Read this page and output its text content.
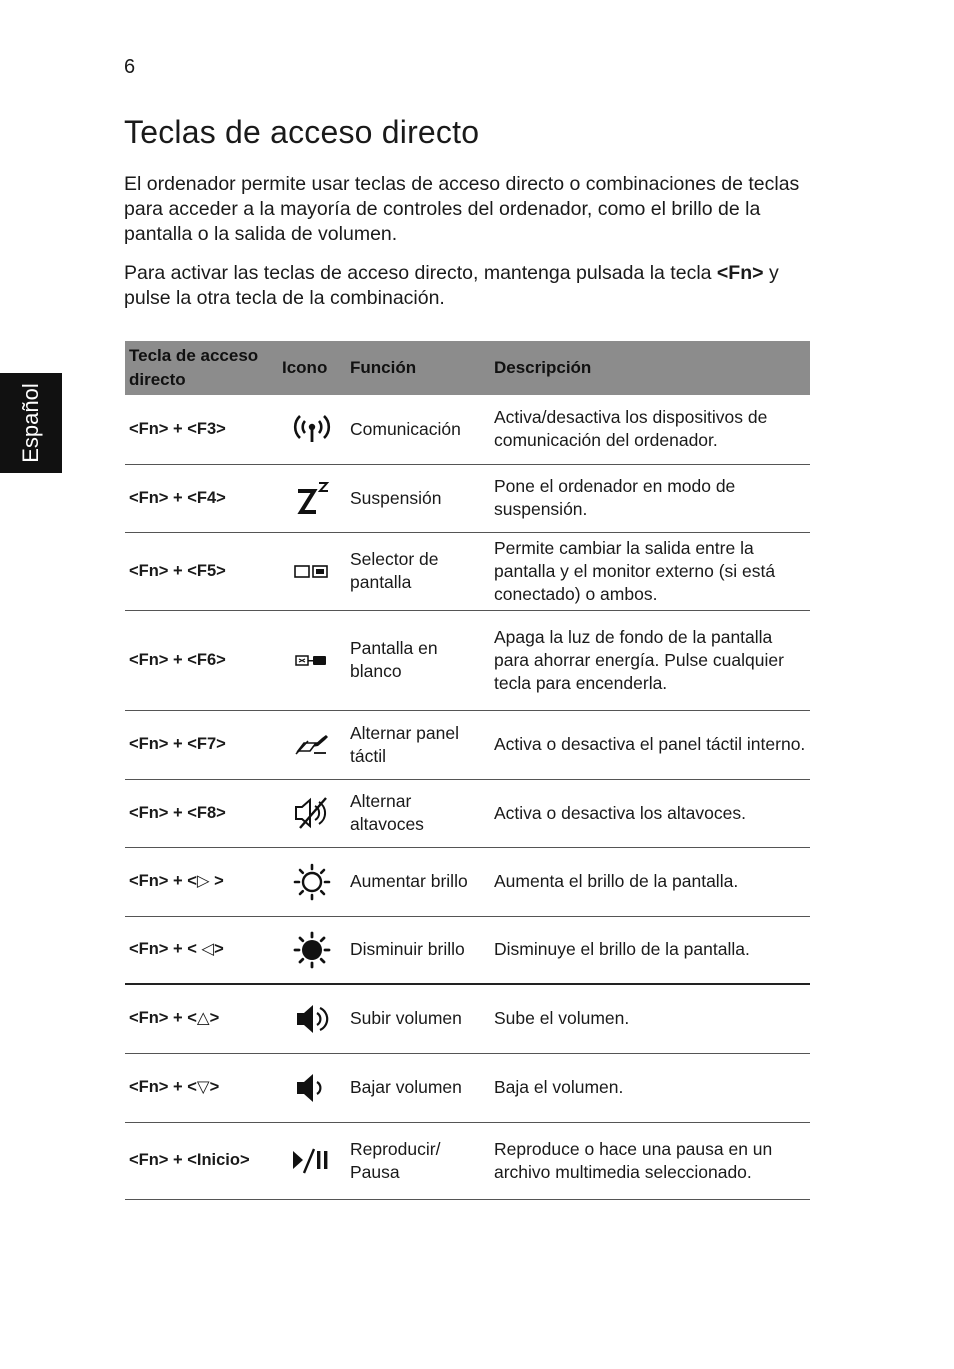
6
Español
Teclas de acceso directo

El ordenador permite usar teclas de acceso directo o combinaciones de teclas para acceder a la mayoría de controles del ordenador, como el brillo de la pantalla o la salida de volumen.

Para activar las teclas de acceso directo, mantenga pulsada la tecla <Fn> y pulse la otra tecla de la combinación.

Tecla de acceso directo	Icono	Función	Descripción
<Fn> + <F3>		Comunicación	Activa/desactiva los dispositivos de comunicación del ordenador.
<Fn> + <F4>		Suspensión	Pone el ordenador en modo de suspensión.
<Fn> + <F5>		Selector de pantalla	Permite cambiar la salida entre la pantalla y el monitor externo (si está conectado) o ambos.
<Fn> + <F6>		Pantalla en blanco	Apaga la luz de fondo de la pantalla para ahorrar energía. Pulse cualquier tecla para encenderla.
<Fn> + <F7>		Alternar panel táctil	Activa o desactiva el panel táctil interno.
<Fn> + <F8>		Alternar altavoces	Activa o desactiva los altavoces.
<Fn> + <▷ >		Aumentar brillo	Aumenta el brillo de la pantalla.
<Fn> + < ◁>		Disminuir brillo	Disminuye el brillo de la pantalla.
<Fn> + <△>		Subir volumen	Sube el volumen.
<Fn> + <▽>		Bajar volumen	Baja el volumen.
<Fn> + <Inicio>		Reproducir/ Pausa	Reproduce o hace una pausa en un archivo multimedia seleccionado.
